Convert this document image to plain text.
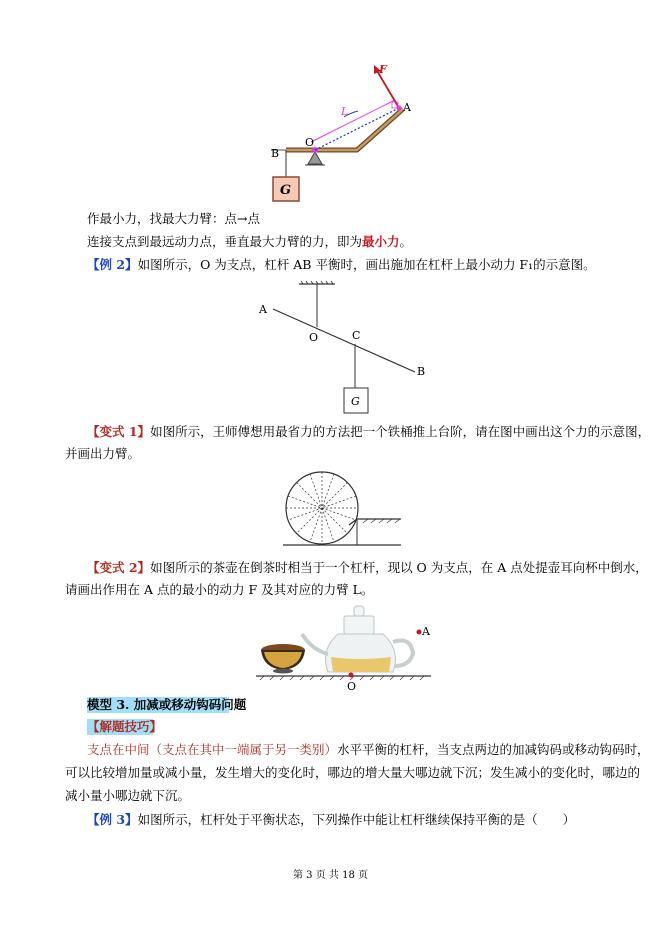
G
L
F
A
O
B
作最小力，找最大力臂：点→点
连接支点到最远动力点，垂直最大力臂的力，即为最小力。
【例 2】如图所示，O 为支点，杠杆 AB 平衡时，画出施加在杠杆上最小动力 F₁的示意图。
G
A
O	C
B
【变式 1】如图所示，王师傅想用最省力的方法把一个铁桶推上台阶，请在图中画出这个力的示意图，
并画出力臂。
【变式 2】如图所示的茶壶在倒茶时相当于一个杠杆，现以 O 为支点，在 A 点处提壶耳向杯中倒水，
请画出作用在 A 点的最小的动力 F 及其对应的力臂 L。
A
O
模型 3. 加减或移动钩码问题
【解题技巧】
支点在中间（支点在其中一端属于另一类别）水平平衡的杠杆，当支点两边的加减钩码或移动钩码时，
可以比较增加量或减小量，发生增大的变化时，哪边的增大量大哪边就下沉；发生减小的变化时，哪边的
减小量小哪边就下沉。
【例 3】如图所示，杠杆处于平衡状态，下列操作中能让杠杆继续保持平衡的是（　　）
第 3 页 共 18 页
